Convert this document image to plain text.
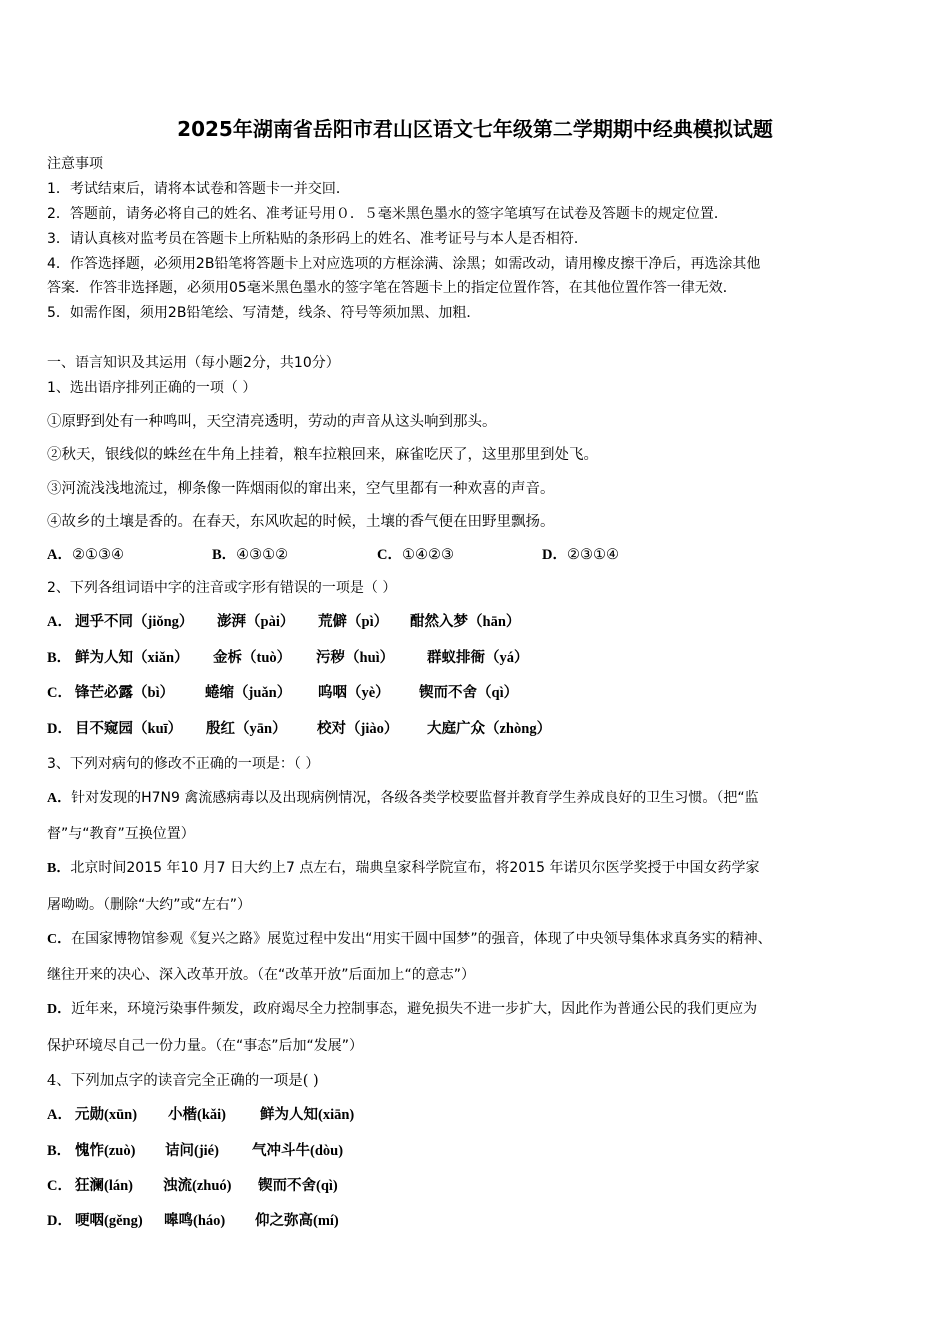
2025年湖南省岳阳市君山区语文七年级第二学期期中经典模拟试题
注意事项
1．考试结束后，请将本试卷和答题卡一并交回．
2．答题前，请务必将自己的姓名、准考证号用０．５毫米黑色墨水的签字笔填写在试卷及答题卡的规定位置．
3．请认真核对监考员在答题卡上所粘贴的条形码上的姓名、准考证号与本人是否相符．
4．作答选择题，必须用2B铅笔将答题卡上对应选项的方框涂满、涂黑；如需改动，请用橡皮擦干净后，再选涂其他
答案．作答非选择题，必须用05毫米黑色墨水的签字笔在答题卡上的指定位置作答，在其他位置作答一律无效．
5．如需作图，须用2B铅笔绘、写清楚，线条、符号等须加黑、加粗．
一、语言知识及其运用（每小题2分，共10分）
1、选出语序排列正确的一项（ ）
①原野到处有一种鸣叫，天空清亮透明，劳动的声音从这头响到那头。
②秋天，银线似的蛛丝在牛角上挂着，粮车拉粮回来，麻雀吃厌了，这里那里到处飞。
③河流浅浅地流过，柳条像一阵烟雨似的窜出来，空气里都有一种欢喜的声音。
④故乡的土壤是香的。在春天，东风吹起的时候，土壤的香气便在田野里飘扬。
A．②①③④	B．④③①②	C．①④②③	D．②③①④
2、下列各组词语中字的注音或字形有错误的一项是（ ）
A． 迥乎不同（jiǒng） 澎湃（pài） 荒僻（pì） 酣然入梦（hān）
B． 鲜为人知（xiǎn） 金柝（tuò） 污秽（huì） 群蚁排衙（yá）
C． 锋芒必露（bì） 蜷缩（juǎn） 呜咽（yè） 锲而不舍（qì）
D． 目不窥园（kuī） 殷红（yān） 校对（jiào） 大庭广众（zhòng）
3、下列对病句的修改不正确的一项是：（ ）
A．针对发现的H7N9 禽流感病毒以及出现病例情况，各级各类学校要监督并教育学生养成良好的卫生习惯。（把“监
督”与“教育”互换位置）
B．北京时间2015 年10 月7 日大约上7 点左右，瑞典皇家科学院宣布，将2015 年诺贝尔医学奖授于中国女药学家
屠呦呦。（删除“大约”或“左右”）
C．在国家博物馆参观《复兴之路》展览过程中发出“用实干圆中国梦”的强音，体现了中央领导集体求真务实的精神、
继往开来的决心、深入改革开放。（在“改革开放”后面加上“的意志”）
D．近年来，环境污染事件频发，政府竭尽全力控制事态，避免损失不进一步扩大，因此作为普通公民的我们更应为
保护环境尽自己一份力量。（在“事态”后加“发展”）
4、下列加点字的读音完全正确的一项是( )
A． 元勋(xūn) 小楷(kǎi) 鲜为人知(xiān)
B． 愧怍(zuò) 诘问(jié) 气冲斗牛(dòu)
C． 狂澜(lán) 浊流(zhuó) 锲而不舍(qì)
D． 哽咽(gěng) 嗥鸣(háo) 仰之弥高(mí)
